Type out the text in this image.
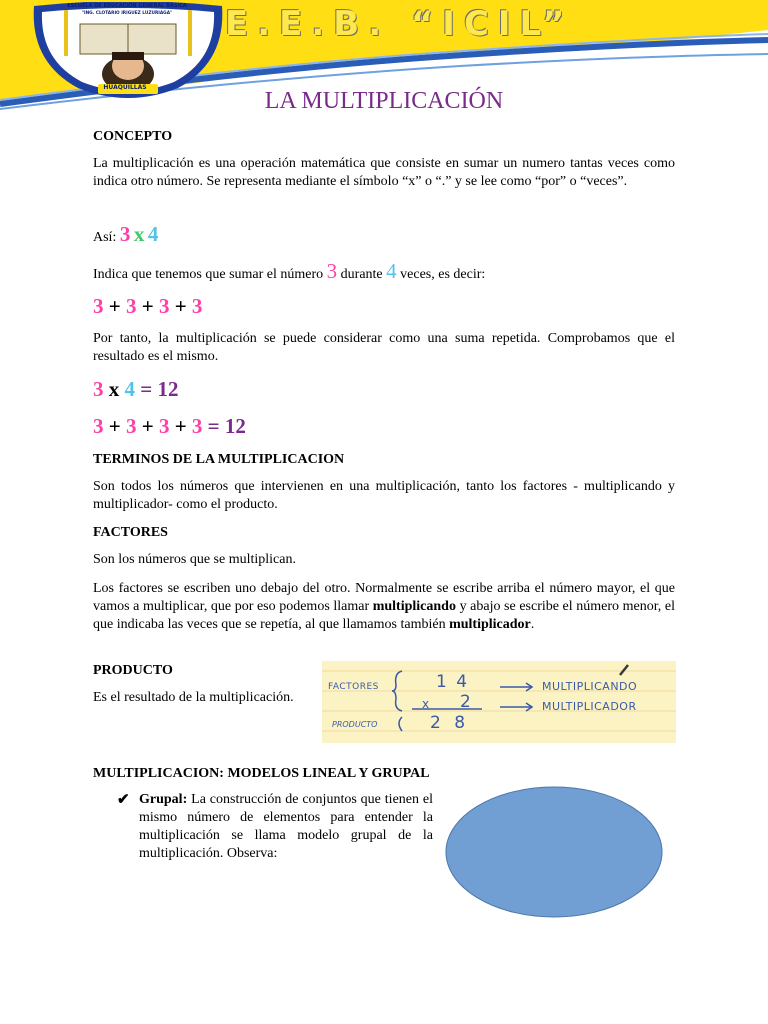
E.E.B. “ICIL”
ESCUELA DE EDUCACIÓN GENERAL BÁSICA
"ING. CLOTARIO IRIGUEZ LUZURIAGA"
HUAQUILLAS
LA MULTIPLICACIÓN
CONCEPTO
La multiplicación es una operación matemática que consiste en sumar un numero tantas veces como indica otro número. Se representa mediante el símbolo “x” o “.” y se lee como “por” o “veces”.
Así: 3 x 4
Indica que tenemos que sumar el número 3 durante 4 veces, es decir:
3 + 3 + 3 + 3
Por tanto, la multiplicación se puede considerar como una suma repetida. Comprobamos que el resultado es el mismo.
3 x 4 = 12
3 + 3 + 3 + 3 = 12
TERMINOS DE LA MULTIPLICACION
Son todos los números que intervienen en una multiplicación, tanto los factores - multiplicando y multiplicador- como el producto.
FACTORES
Son los números que se multiplican.
Los factores se escriben uno debajo del otro. Normalmente se escribe arriba el número mayor, el que vamos a multiplicar, que por eso podemos llamar multiplicando y abajo se escribe el número menor, el que indicaba las veces que se repetía, al que llamamos también multiplicador.
PRODUCTO
Es el resultado de la multiplicación.
FACTORES
PRODUCTO
1 4
x 2
2 8
MULTIPLICANDO
MULTIPLICADOR
MULTIPLICACION: MODELOS LINEAL Y GRUPAL
✔ Grupal: La construcción de conjuntos que tienen el mismo número de elementos para entender la multiplicación se llama modelo grupal de la multiplicación. Observa:
